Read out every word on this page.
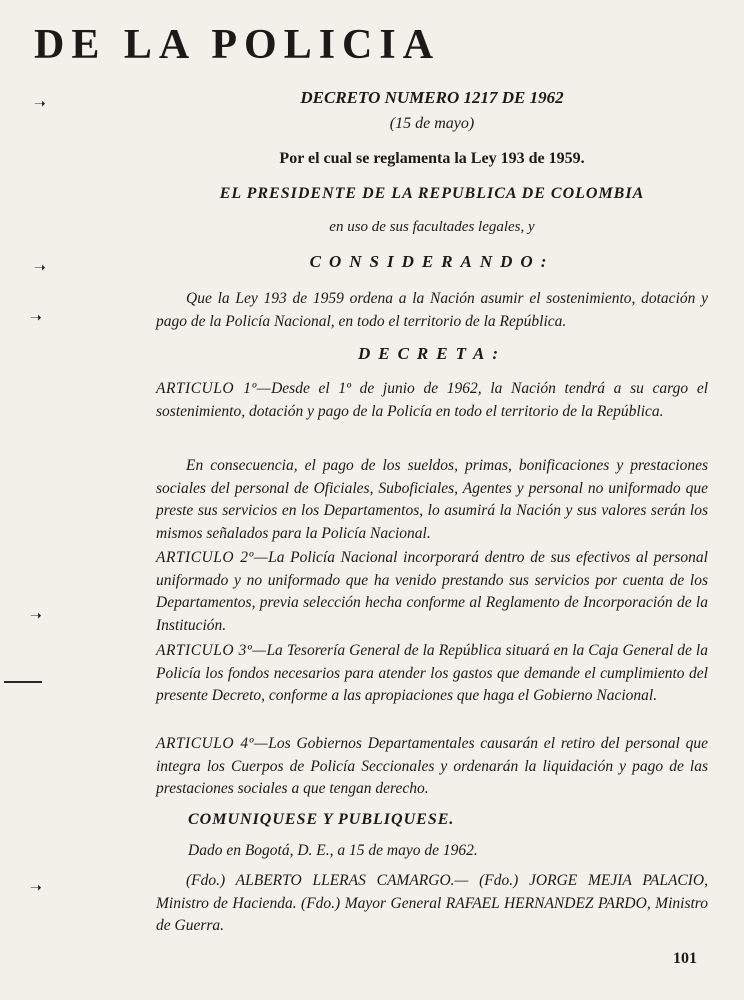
DE LA POLICIA
➝
➝
➝
➝
➝

DECRETO NUMERO 1217 DE 1962

(15 de mayo)

Por el cual se reglamenta la Ley 193 de 1959.

EL PRESIDENTE DE LA REPUBLICA DE COLOMBIA

en uso de sus facultades legales, y

CONSIDERANDO:

Que la Ley 193 de 1959 ordena a la Nación asumir el sostenimiento, dotación y pago de la Policía Nacional, en todo el territorio de la República.

DECRETA:

ARTICULO 1º—Desde el 1º de junio de 1962, la Nación tendrá a su cargo el sostenimiento, dotación y pago de la Policía en todo el territorio de la República.

En consecuencia, el pago de los sueldos, primas, bonificaciones y prestaciones sociales del personal de Oficiales, Suboficiales, Agentes y personal no uniformado que preste sus servicios en los Departamentos, lo asumirá la Nación y sus valores serán los mismos señalados para la Policía Nacional.

ARTICULO 2º—La Policía Nacional incorporará dentro de sus efectivos al personal uniformado y no uniformado que ha venido prestando sus servicios por cuenta de los Departamentos, previa selección hecha conforme al Reglamento de Incorporación de la Institución.

ARTICULO 3º—La Tesorería General de la República situará en la Caja General de la Policía los fondos necesarios para atender los gastos que demande el cumplimiento del presente Decreto, conforme a las apropiaciones que haga el Gobierno Nacional.

ARTICULO 4º—Los Gobiernos Departamentales causarán el retiro del personal que integra los Cuerpos de Policía Seccionales y ordenarán la liquidación y pago de las prestaciones sociales a que tengan derecho.

(Fdo.) ALBERTO LLERAS CAMARGO.— (Fdo.) JORGE MEJIA PALACIO, Ministro de Hacienda. (Fdo.) Mayor General RAFAEL HERNANDEZ PARDO, Ministro de Guerra.

COMUNIQUESE Y PUBLIQUESE.

Dado en Bogotá, D. E., a 15 de mayo de 1962.

101
